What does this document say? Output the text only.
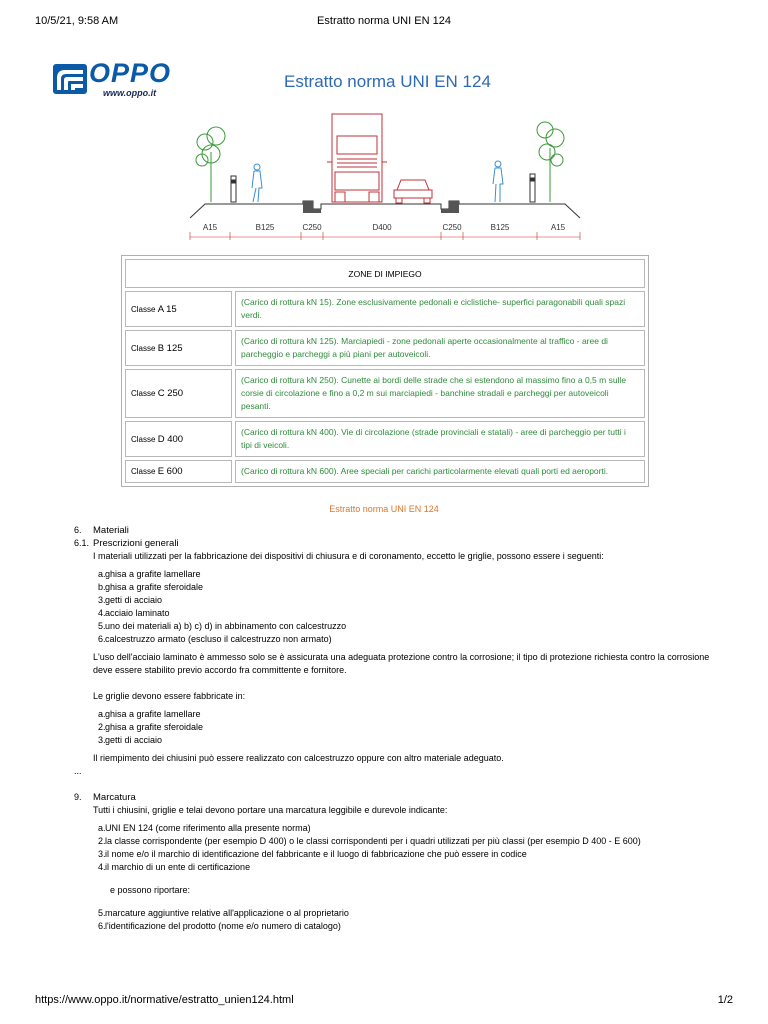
10/5/21, 9:58 AM	Estratto norma UNI EN 124
OPPO
www.oppo.it
Estratto norma UNI EN 124
A15	B125	C250	D400	C250	B125	A15
ZONE DI IMPIEGO	
Classe A 15	(Carico di rottura kN 15). Zone esclusivamente pedonali e ciclistiche- superfici paragonabili quali spazi verdi.
Classe B 125	(Carico di rottura kN 125). Marciapiedi - zone pedonali aperte occasionalmente al traffico - aree di parcheggio e parcheggi a più piani per autoveicoli.
Classe C 250	(Carico di rottura kN 250). Cunette ai bordi delle strade che si estendono al massimo fino a 0,5 m sulle corsie di circolazione e fino a 0,2 m sui marciapiedi - banchine stradali e parcheggi per autoveicoli pesanti.
Classe D 400	(Carico di rottura kN 400). Vie di circolazione (strade provinciali e statali) - aree di parcheggio per tutti i tipi di veicoli.
Classe E 600	(Carico di rottura kN 600). Aree speciali per carichi particolarmente elevati quali porti ed aeroporti.
Estratto norma UNI EN 124
6. Materiali
6.1. Prescrizioni generali
I materiali utilizzati per la fabbricazione dei dispositivi di chiusura e di coronamento, eccetto le griglie, possono essere i seguenti:
a. ghisa a grafite lamellare
b. ghisa a grafite sferoidale
3. getti di acciaio
4. acciaio laminato
5. uno dei materiali a) b) c) d) in abbinamento con calcestruzzo
6. calcestruzzo armato (escluso il calcestruzzo non armato)
L'uso dell'acciaio laminato è ammesso solo se è assicurata una adeguata protezione contro la corrosione; il tipo di protezione richiesta contro la corrosione deve essere stabilito previo accordo fra committente e fornitore.
Le griglie devono essere fabbricate in:
a. ghisa a grafite lamellare
2. ghisa a grafite sferoidale
3. getti di acciaio
Il riempimento dei chiusini può essere realizzato con calcestruzzo oppure con altro materiale adeguato.
...
9. Marcatura
Tutti i chiusini, griglie e telai devono portare una marcatura leggibile e durevole indicante:
a. UNI EN 124 (come riferimento alla presente norma)
2. la classe corrispondente (per esempio D 400) o le classi corrispondenti per i quadri utilizzati per più classi (per esempio D 400 - E 600)
3. il nome e/o il marchio di identificazione del fabbricante e il luogo di fabbricazione che può essere in codice
4. il marchio di un ente di certificazione
e possono riportare:
5. marcature aggiuntive relative all'applicazione o al proprietario
6. l'identificazione del prodotto (nome e/o numero di catalogo)
https://www.oppo.it/normative/estratto_unien124.html	1/2
